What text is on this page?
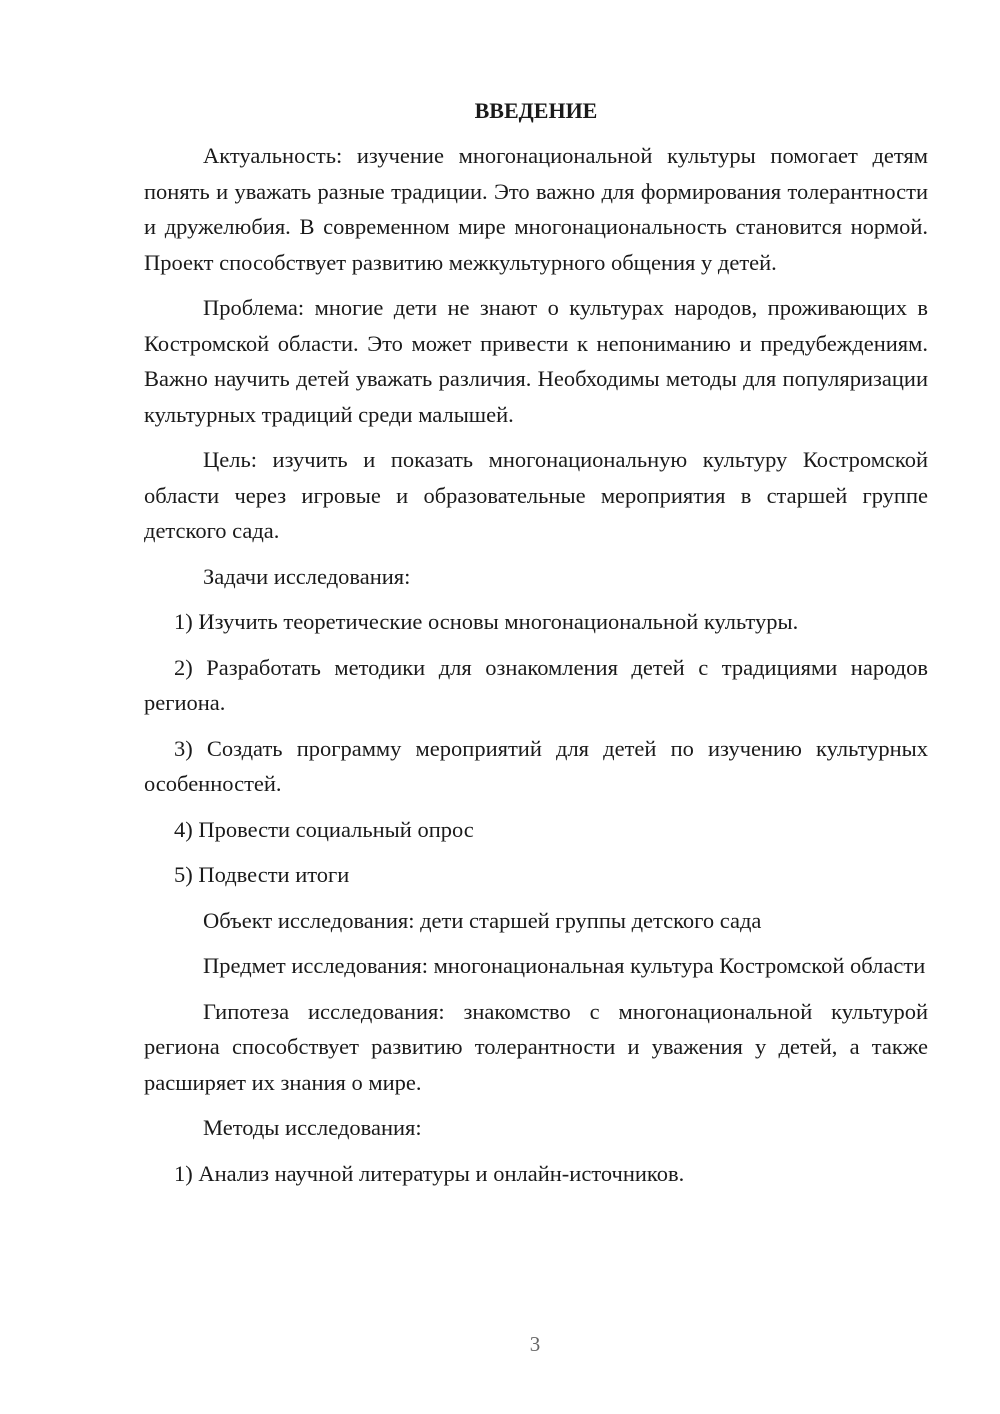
ВВЕДЕНИЕ

Актуальность: изучение многонациональной культуры помогает детям понять и уважать разные традиции. Это важно для формирования толерантности и дружелюбия. В современном мире многонациональность становится нормой. Проект способствует развитию межкультурного общения у детей.

Проблема: многие дети не знают о культурах народов, проживающих в Костромской области. Это может привести к непониманию и предубеждениям. Важно научить детей уважать различия. Необходимы методы для популяризации культурных традиций среди малышей.

Цель: изучить и показать многонациональную культуру Костромской области через игровые и образовательные мероприятия в старшей группе детского сада.

Задачи исследования:

1) Изучить теоретические основы многонациональной культуры.

2) Разработать методики для ознакомления детей с традициями народов региона.

3) Создать программу мероприятий для детей по изучению культурных особенностей.

4) Провести социальный опрос

5) Подвести итоги

Объект исследования: дети старшей группы детского сада

Предмет исследования: многонациональная культура Костромской области

Гипотеза исследования: знакомство с многонациональной культурой региона способствует развитию толерантности и уважения у детей, а также расширяет их знания о мире.

Методы исследования:

1) Анализ научной литературы и онлайн-источников.

3
